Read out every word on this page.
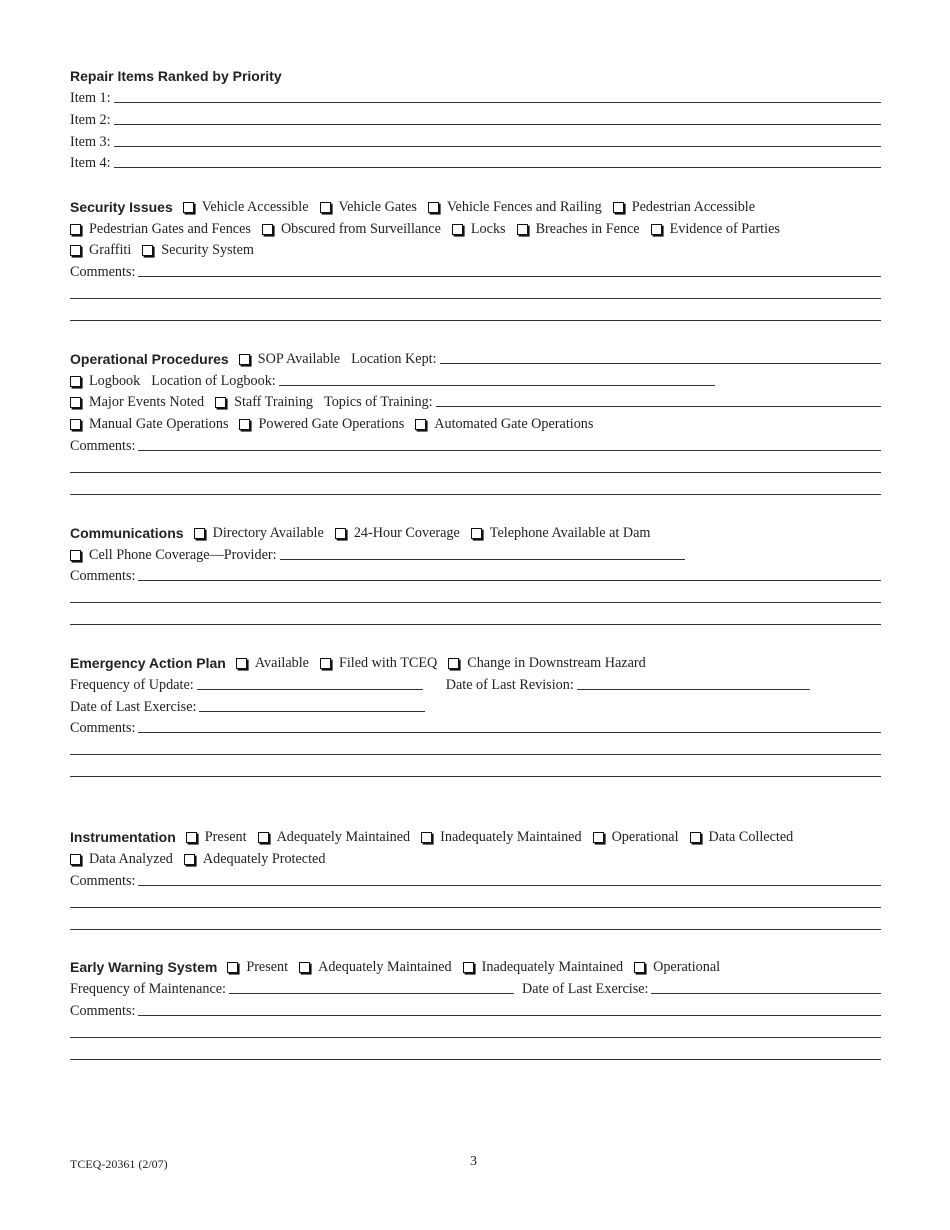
Repair Items Ranked by Priority
Item 1:
Item 2:
Item 3:
Item 4:
Security Issues Vehicle Accessible Vehicle Gates Vehicle Fences and Railing Pedestrian Accessible
Pedestrian Gates and Fences Obscured from Surveillance Locks Breaches in Fence Evidence of Parties
Graffiti Security System
Comments:
Operational Procedures SOP Available Location Kept:
Logbook Location of Logbook:
Major Events Noted Staff Training Topics of Training:
Manual Gate Operations Powered Gate Operations Automated Gate Operations
Comments:
Communications Directory Available 24-Hour Coverage Telephone Available at Dam
Cell Phone Coverage—Provider:
Comments:
Emergency Action Plan Available Filed with TCEQ Change in Downstream Hazard
Frequency of Update:	Date of Last Revision:
Date of Last Exercise:
Comments:
Instrumentation Present Adequately Maintained Inadequately Maintained Operational Data Collected
Data Analyzed Adequately Protected
Comments:
Early Warning System Present Adequately Maintained Inadequately Maintained Operational
Frequency of Maintenance:	Date of Last Exercise:
Comments:
TCEQ-20361 (2/07)	3
